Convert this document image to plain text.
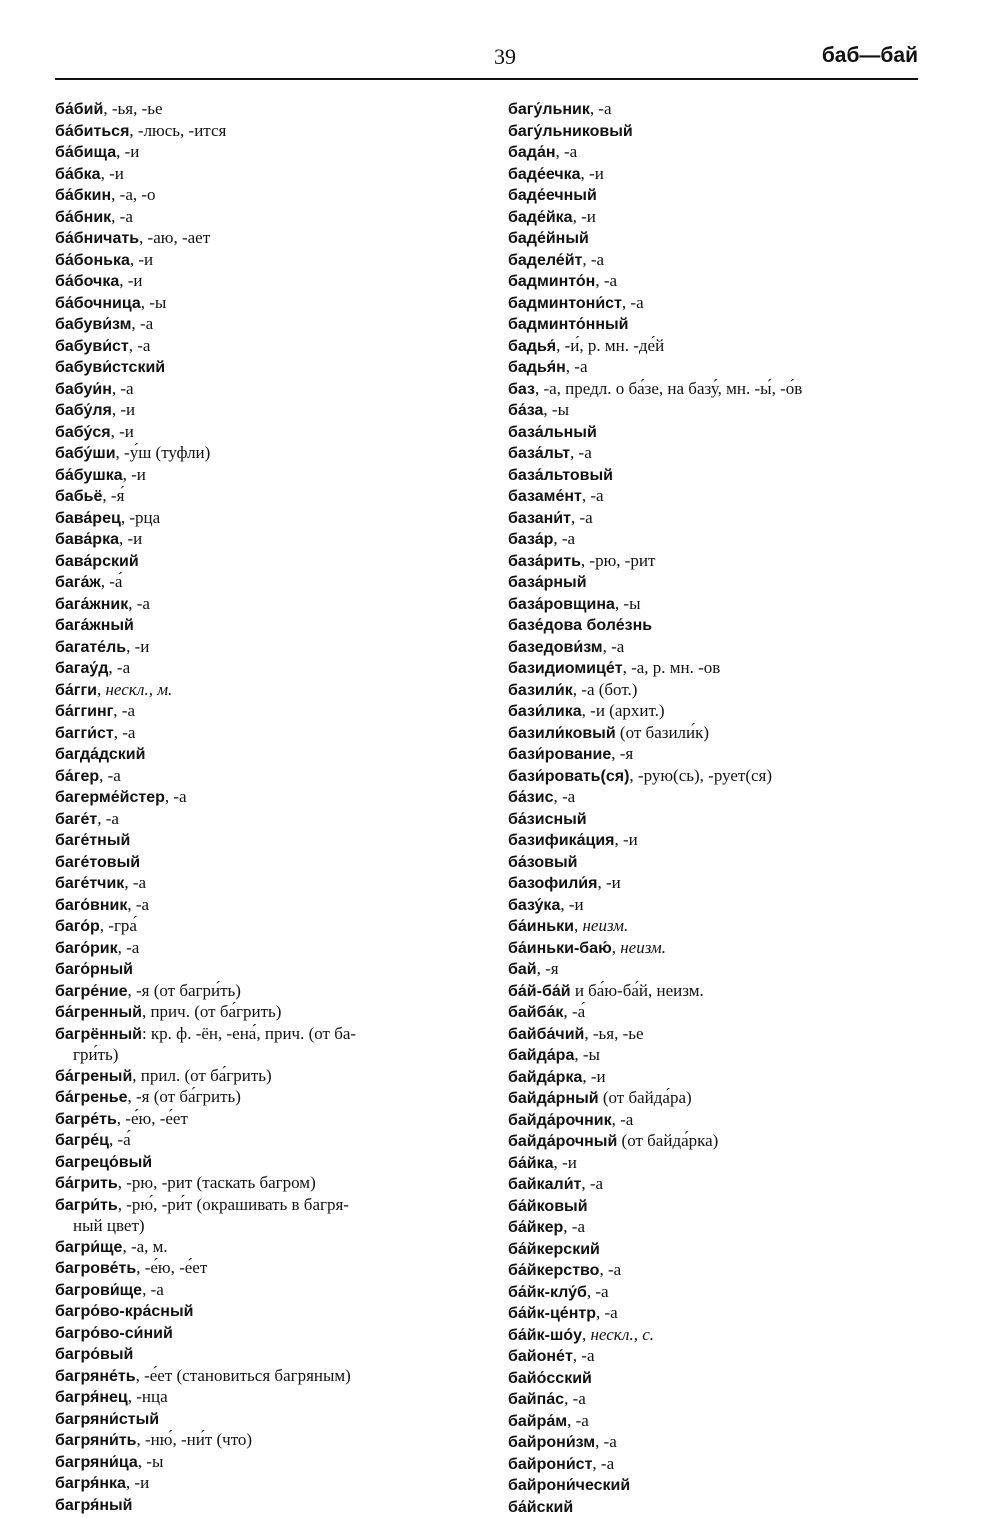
39	баб—бай
ба́бий, -ья, -ье
ба́биться, -люсь, -ится
ба́бища, -и
ба́бка, -и
ба́бкин, -а, -о
ба́бник, -а
ба́бничать, -аю, -ает
ба́бонька, -и
ба́бочка, -и
ба́бочница, -ы
бабуви́зм, -а
бабуви́ст, -а
бабуви́стский
бабуи́н, -а
бабу́ля, -и
бабу́ся, -и
бабу́ши, -у́ш (туфли)
ба́бушка, -и
бабьё, -я́
бава́рец, -рца
бава́рка, -и
бава́рский
бага́ж, -а́
бага́жник, -а
бага́жный
багате́ль, -и
багау́д, -а
ба́гги, нескл., м.
ба́ггинг, -а
багги́ст, -а
багда́дский
ба́гер, -а
багерме́йстер, -а
баге́т, -а
баге́тный
баге́товый
баге́тчик, -а
баго́вник, -а
баго́р, -гра́
баго́рик, -а
баго́рный
багре́ние, -я (от багри́ть)
ба́гренный, прич. (от ба́грить)
багрённый: кр. ф. -ён, -ена́, прич. (от ба-
гри́ть)
ба́греный, прил. (от ба́грить)
ба́гренье, -я (от ба́грить)
багре́ть, -е́ю, -е́ет
багре́ц, -а́
багрецо́вый
ба́грить, -рю, -рит (таскать багром)
багри́ть, -рю́, -ри́т (окрашивать в багря-
ный цвет)
багри́ще, -а, м.
багрове́ть, -е́ю, -е́ет
багрови́ще, -а
багро́во-кра́сный
багро́во-си́ний
багро́вый
багряне́ть, -е́ет (становиться багряным)
багря́нец, -нца
багряни́стый
багряни́ть, -ню́, -ни́т (что)
багряни́ца, -ы
багря́нка, -и
багря́ный
багу́льник, -а
багу́льниковый
бада́н, -а
баде́ечка, -и
баде́ечный
баде́йка, -и
баде́йный
баделе́йт, -а
бадминто́н, -а
бадминтони́ст, -а
бадминто́нный
бадья́, -и́, р. мн. -де́й
бадья́н, -а
баз, -а, предл. о ба́зе, на базу́, мн. -ы́, -о́в
ба́за, -ы
база́льный
база́льт, -а
база́льтовый
базаме́нт, -а
базани́т, -а
база́р, -а
база́рить, -рю, -рит
база́рный
база́ровщина, -ы
базе́дова боле́знь
базедови́зм, -а
базидиомице́т, -а, р. мн. -ов
базили́к, -а (бот.)
бази́лика, -и (архит.)
базили́ковый (от базили́к)
бази́рование, -я
бази́ровать(ся), -рую(сь), -рует(ся)
ба́зис, -а
ба́зисный
базифика́ция, -и
ба́зовый
базофили́я, -и
базу́ка, -и
ба́иньки, неизм.
ба́иньки-баю́, неизм.
бай, -я
ба́й-ба́й и ба́ю-ба́й, неизм.
байба́к, -а́
байба́чий, -ья, -ье
байда́ра, -ы
байда́рка, -и
байда́рный (от байда́ра)
байда́рочник, -а
байда́рочный (от байда́рка)
ба́йка, -и
байкали́т, -а
ба́йковый
ба́йкер, -а
ба́йкерский
ба́йкерство, -а
ба́йк-клу́б, -а
ба́йк-це́нтр, -а
ба́йк-шо́у, нескл., с.
байоне́т, -а
байо́сский
байпа́с, -а
байра́м, -а
байрони́зм, -а
байрони́ст, -а
байрони́ческий
ба́йский
